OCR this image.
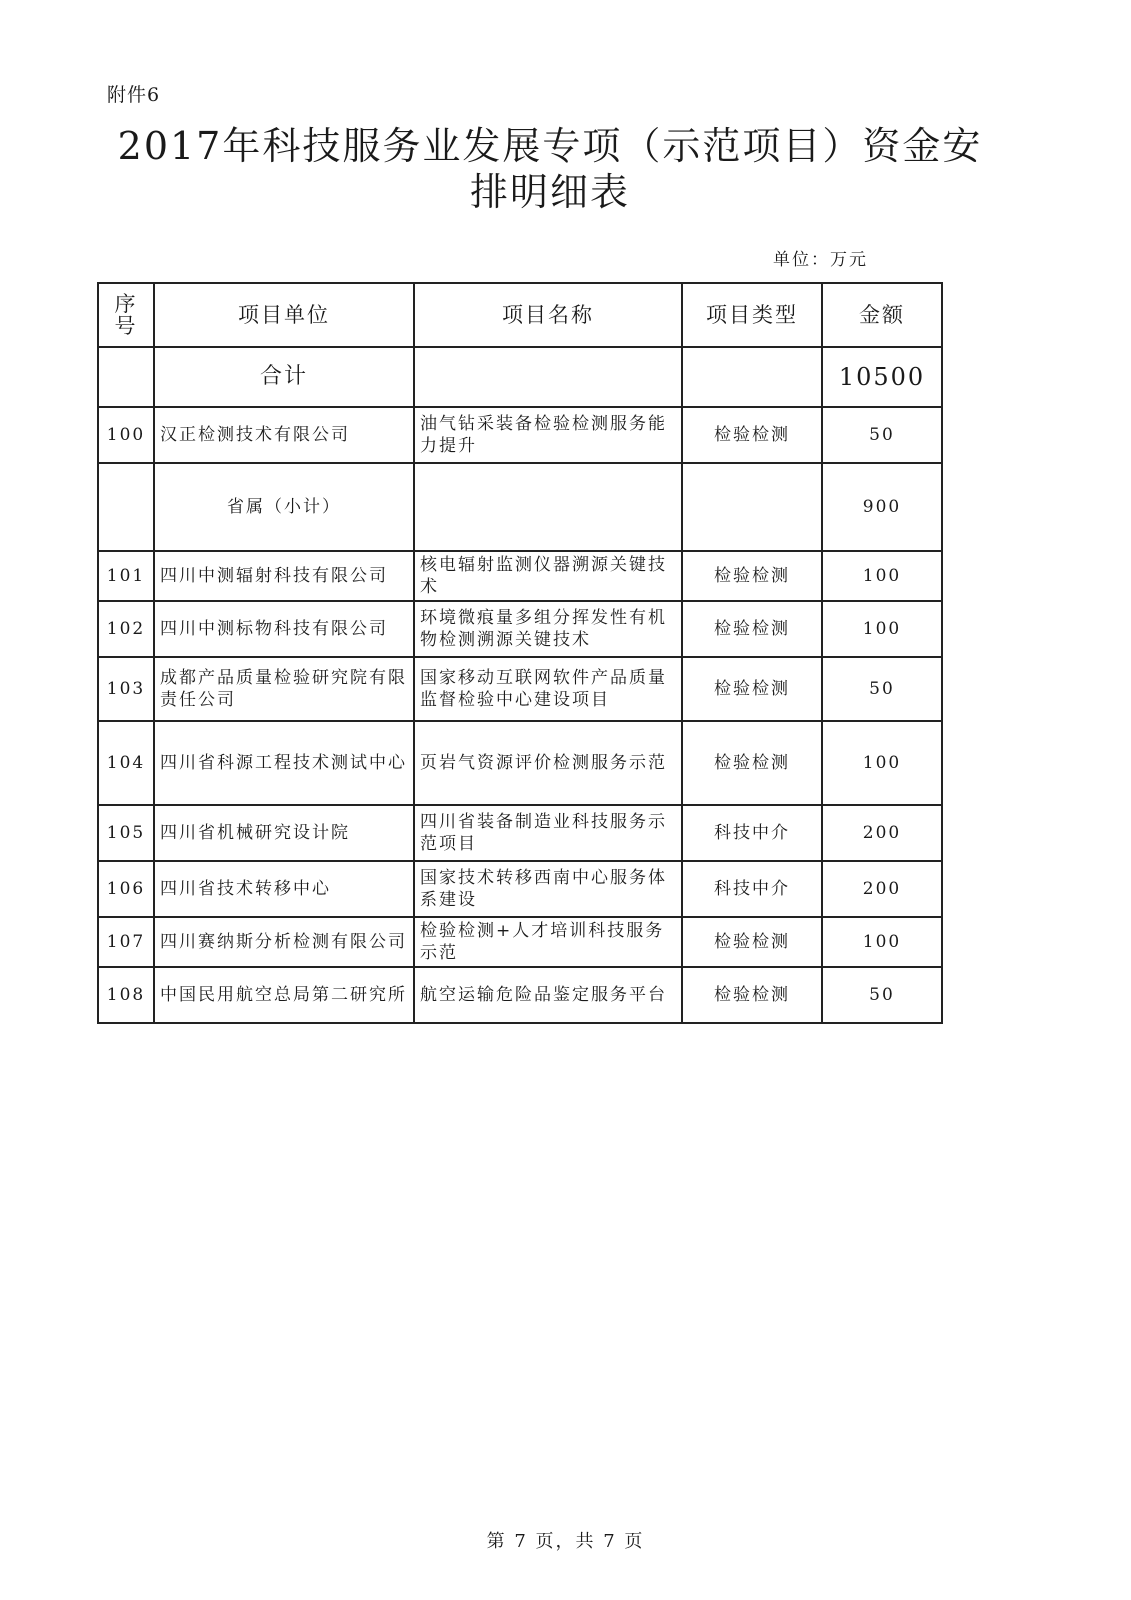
附件6
2017年科技服务业发展专项（示范项目）资金安
排明细表
单位：万元
序号	项目单位	项目名称	项目类型	金额
	合计			10500
100	汉正检测技术有限公司	油气钻采装备检验检测服务能力提升	检验检测	50
	省属（小计）			900
101	四川中测辐射科技有限公司	核电辐射监测仪器溯源关键技术	检验检测	100
102	四川中测标物科技有限公司	环境微痕量多组分挥发性有机物检测溯源关键技术	检验检测	100
103	成都产品质量检验研究院有限责任公司	国家移动互联网软件产品质量监督检验中心建设项目	检验检测	50
104	四川省科源工程技术测试中心	页岩气资源评价检测服务示范	检验检测	100
105	四川省机械研究设计院	四川省装备制造业科技服务示范项目	科技中介	200
106	四川省技术转移中心	国家技术转移西南中心服务体系建设	科技中介	200
107	四川赛纳斯分析检测有限公司	检验检测+人才培训科技服务示范	检验检测	100
108	中国民用航空总局第二研究所	航空运输危险品鉴定服务平台	检验检测	50
第 7 页，共 7 页
